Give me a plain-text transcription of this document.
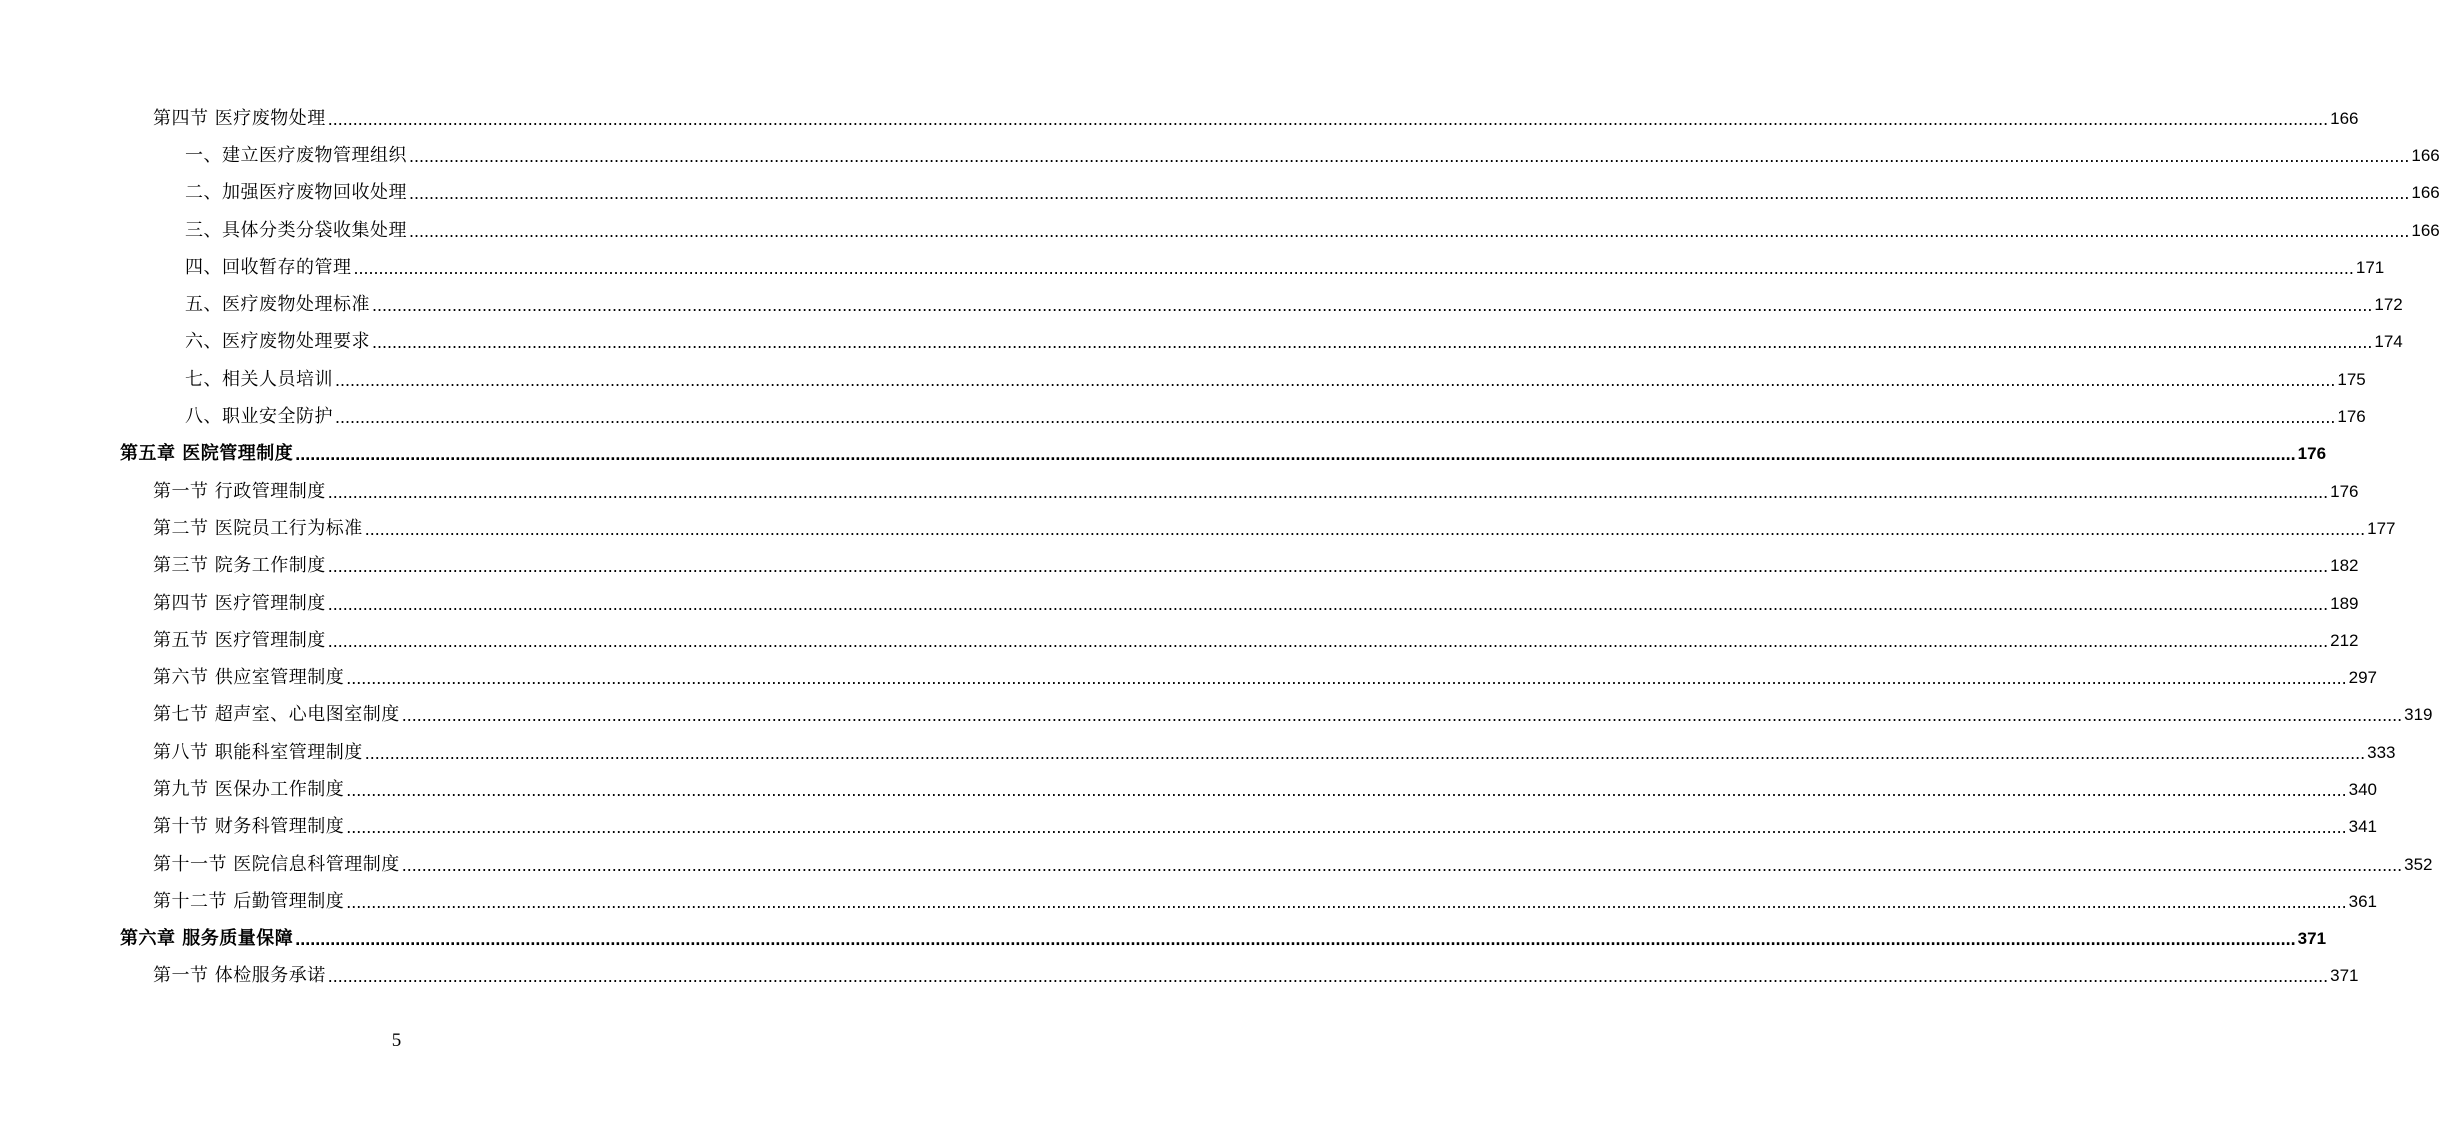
第四节 医疗废物处理 ................................................................................................................................................................................................................................................................................................................................................................................................................ 166
一、建立医疗废物管理组织 ................................................................................................................................................................................................................................................................................................................................................................................................................ 166
二、加强医疗废物回收处理 ................................................................................................................................................................................................................................................................................................................................................................................................................ 166
三、具体分类分袋收集处理 ................................................................................................................................................................................................................................................................................................................................................................................................................ 166
四、回收暂存的管理 ................................................................................................................................................................................................................................................................................................................................................................................................................ 171
五、医疗废物处理标准 ................................................................................................................................................................................................................................................................................................................................................................................................................ 172
六、医疗废物处理要求 ................................................................................................................................................................................................................................................................................................................................................................................................................ 174
七、相关人员培训 ................................................................................................................................................................................................................................................................................................................................................................................................................ 175
八、职业安全防护 ................................................................................................................................................................................................................................................................................................................................................................................................................ 176
第五章 医院管理制度 ................................................................................................................................................................................................................................................................................................................................................................................................................ 176
第一节 行政管理制度 ................................................................................................................................................................................................................................................................................................................................................................................................................ 176
第二节 医院员工行为标准 ................................................................................................................................................................................................................................................................................................................................................................................................................ 177
第三节 院务工作制度 ................................................................................................................................................................................................................................................................................................................................................................................................................ 182
第四节 医疗管理制度 ................................................................................................................................................................................................................................................................................................................................................................................................................ 189
第五节 医疗管理制度 ................................................................................................................................................................................................................................................................................................................................................................................................................ 212
第六节 供应室管理制度 ................................................................................................................................................................................................................................................................................................................................................................................................................ 297
第七节 超声室、心电图室制度 ................................................................................................................................................................................................................................................................................................................................................................................................................ 319
第八节 职能科室管理制度 ................................................................................................................................................................................................................................................................................................................................................................................................................ 333
第九节 医保办工作制度 ................................................................................................................................................................................................................................................................................................................................................................................................................ 340
第十节 财务科管理制度 ................................................................................................................................................................................................................................................................................................................................................................................................................ 341
第十一节 医院信息科管理制度 ................................................................................................................................................................................................................................................................................................................................................................................................................ 352
第十二节 后勤管理制度 ................................................................................................................................................................................................................................................................................................................................................................................................................ 361
第六章 服务质量保障 ................................................................................................................................................................................................................................................................................................................................................................................................................ 371
第一节 体检服务承诺 ................................................................................................................................................................................................................................................................................................................................................................................................................ 371
5
